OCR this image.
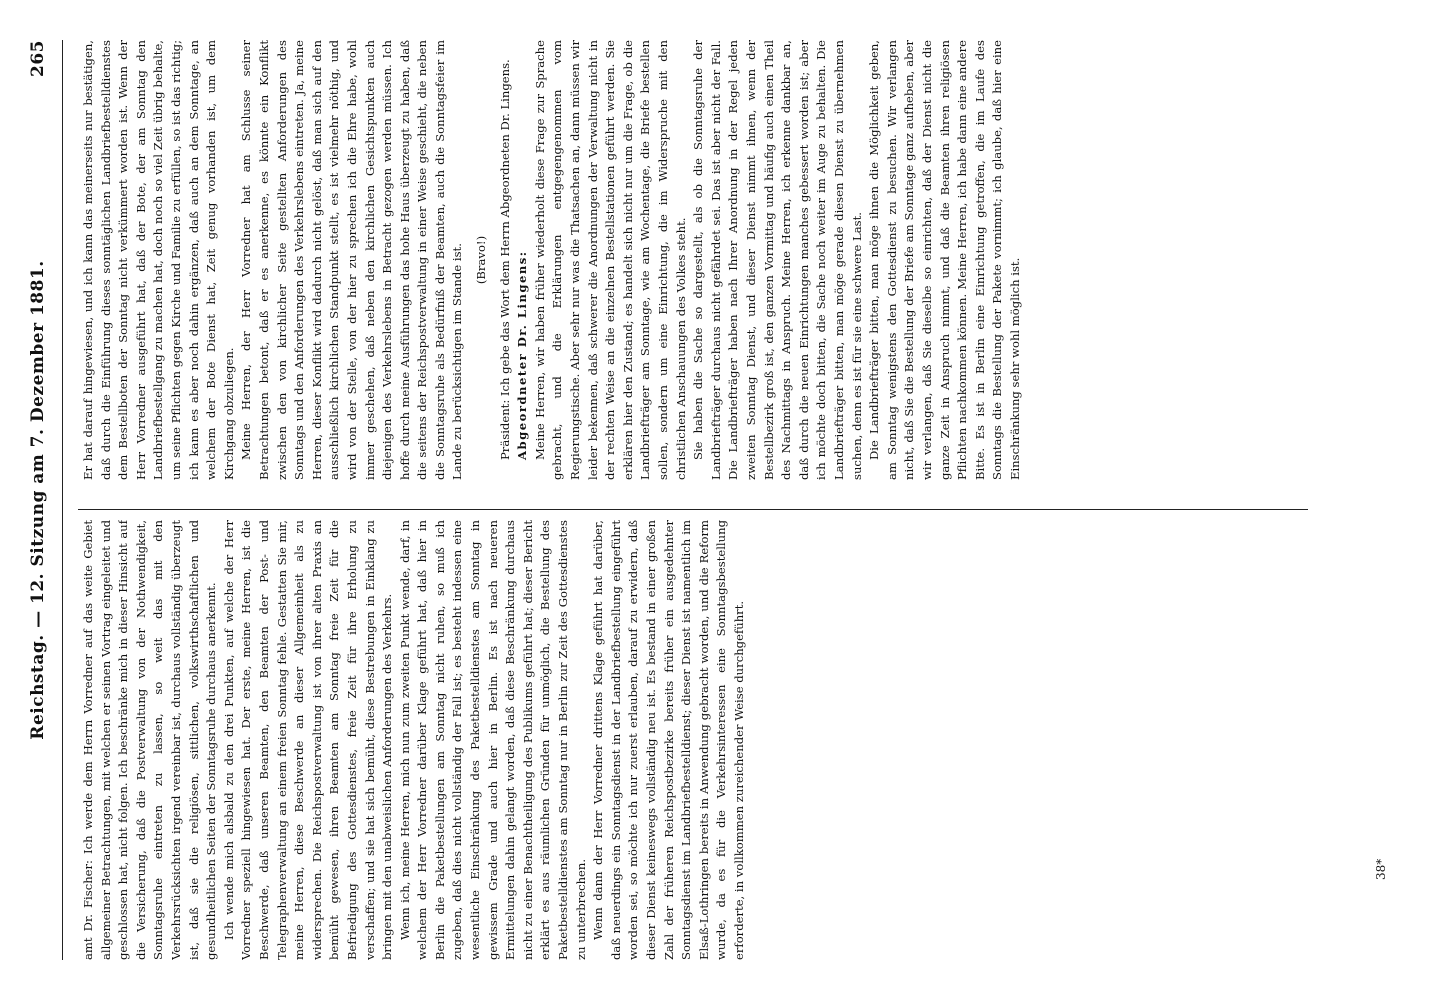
Reichstag. — 12. Sitzung am 7. Dezember 1881.
265

amt Dr. Fischer: Ich werde dem Herrn Vorredner auf das weite Gebiet allgemeiner Betrachtungen, mit welchen er seinen Vortrag eingeleitet und geschlossen hat, nicht folgen. Ich beschränke mich in dieser Hinsicht auf die Versicherung, daß die Postverwaltung von der Nothwendigkeit, Sonntagsruhe eintreten zu lassen, so weit das mit den Verkehrsrücksichten irgend vereinbar ist, durchaus vollständig überzeugt ist, daß sie die religiösen, sittlichen, volkswirthschaftlichen und gesundheitlichen Seiten der Sonntagsruhe durchaus anerkennt. Ich wende mich alsbald zu den drei Punkten, auf welche der Herr Vorredner speziell hingewiesen hat. Der erste, meine Herren, ist die Beschwerde, daß unseren Beamten, den Beamten der Post- und Telegraphenverwaltung an einem freien Sonntag fehle. Gestatten Sie mir, meine Herren, diese Beschwerde an dieser Allgemeinheit als zu widersprechen. Die Reichspostverwaltung ist von ihrer alten Praxis an bemüht gewesen, ihren Beamten am Sonntag freie Zeit für die Befriedigung des Gottesdienstes, freie Zeit für ihre Erholung zu verschaffen; und sie hat sich bemüht, diese Bestrebungen in Einklang zu bringen mit den unabweislichen Anforderungen des Verkehrs. Wenn ich, meine Herren, mich nun zum zweiten Punkt wende, darf, in welchem der Herr Vorredner darüber Klage geführt hat, daß hier in Berlin die Paketbestellungen am Sonntag nicht ruhen, so muß ich zugeben, daß dies nicht vollständig der Fall ist; es besteht indessen eine wesentliche Einschränkung des Paketbestelldienstes am Sonntag in gewissem Grade und auch hier in Berlin. Es ist nach neueren Ermittelungen dahin gelangt worden, daß diese Beschränkung durchaus nicht zu einer Benachtheiligung des Publikums geführt hat; dieser Bericht erklärt es aus räumlichen Gründen für unmöglich, die Bestellung des Paketbestelldienstes am Sonntag nur in Berlin zur Zeit des Gottesdienstes zu unterbrechen. Wenn dann der Herr Vorredner drittens Klage geführt hat darüber, daß neuerdings ein Sonntagsdienst in der Landbriefbestellung eingeführt worden sei, so möchte ich nur zuerst erlauben, darauf zu erwidern, daß dieser Dienst keineswegs vollständig neu ist. Es bestand in einer großen Zahl der früheren Reichspostbezirke bereits früher ein ausgedehnter Sonntagsdienst im Landbriefbestelldienst; dieser Dienst ist namentlich im Elsaß-Lothringen bereits in Anwendung gebracht worden, und die Reform wurde, da es für die Verkehrsinteressen eine Sonntagsbestellung erforderte, in vollkommen zureichender Weise durchgeführt.

Er hat darauf hingewiesen, und ich kann das meinerseits nur bestätigen, daß durch die Einführung dieses sonntäglichen Landbriefbestelldienstes dem Bestellboten der Sonntag nicht verkümmert worden ist. Wenn der Herr Vorredner ausgeführt hat, daß der Bote, der am Sonntag den Landbriefbestellgang zu machen hat, doch noch so viel Zeit übrig behalte, um seine Pflichten gegen Kirche und Familie zu erfüllen, so ist das richtig; ich kann es aber noch dahin ergänzen, daß auch an dem Sonntage, an welchem der Bote Dienst hat, Zeit genug vorhanden ist, um dem Kirchgang obzuliegen. Meine Herren, der Herr Vorredner hat am Schlusse seiner Betrachtungen betont, daß er es anerkenne, es könnte ein Konflikt zwischen den von kirchlicher Seite gestellten Anforderungen des Sonntags und den Anforderungen des Verkehrslebens eintreten. Ja, meine Herren, dieser Konflikt wird dadurch nicht gelöst, daß man sich auf den ausschließlich kirchlichen Standpunkt stellt, es ist vielmehr nöthig, und wird von der Stelle, von der hier zu sprechen ich die Ehre habe, wohl immer geschehen, daß neben den kirchlichen Gesichtspunkten auch diejenigen des Verkehrslebens in Betracht gezogen werden müssen. Ich hoffe durch meine Ausführungen das hohe Haus überzeugt zu haben, daß die seitens der Reichspostverwaltung in einer Weise geschieht, die neben die Sonntagsruhe als Bedürfniß der Beamten, auch die Sonntagsfeier im Lande zu berücksichtigen im Stande ist. (Bravo!) Präsident: Ich gebe das Wort dem Herrn Abgeordneten Dr. Lingens. Abgeordneter Dr. Lingens: Meine Herren, wir haben früher wiederholt diese Frage zur Sprache gebracht, und die Erklärungen entgegengenommen vom Regierungstische. Aber sehr nur was die Thatsachen an, dann müssen wir leider bekennen, daß schwerer die Anordnungen der Verwaltung nicht in der rechten Weise an die einzelnen Bestellstationen geführt werden. Sie erklären hier den Zustand; es handelt sich nicht nur um die Frage, ob die Landbriefträger am Sonntage, wie am Wochentage, die Briefe bestellen sollen, sondern um eine Einrichtung, die im Widerspruche mit den christlichen Anschauungen des Volkes steht. Sie haben die Sache so dargestellt, als ob die Sonntagsruhe der Landbriefträger durchaus nicht gefährdet sei. Das ist aber nicht der Fall. Die Landbriefträger haben nach Ihrer Anordnung in der Regel jeden zweiten Sonntag Dienst, und dieser Dienst nimmt ihnen, wenn der Bestellbezirk groß ist, den ganzen Vormittag und häufig auch einen Theil des Nachmittags in Anspruch. Meine Herren, ich erkenne dankbar an, daß durch die neuen Einrichtungen manches gebessert worden ist; aber ich möchte doch bitten, die Sache noch weiter im Auge zu behalten. Die Landbriefträger bitten, man möge gerade diesen Dienst zu übernehmen suchen, denn es ist für sie eine schwere Last. Die Landbriefträger bitten, man möge ihnen die Möglichkeit geben, am Sonntag wenigstens den Gottesdienst zu besuchen. Wir verlangen nicht, daß Sie die Bestellung der Briefe am Sonntage ganz aufheben, aber wir verlangen, daß Sie dieselbe so einrichten, daß der Dienst nicht die ganze Zeit in Anspruch nimmt, und daß die Beamten ihren religiösen Pflichten nachkommen können. Meine Herren, ich habe dann eine andere Bitte. Es ist in Berlin eine Einrichtung getroffen, die im Laufe des Sonntags die Bestellung der Pakete vornimmt; ich glaube, daß hier eine Einschränkung sehr wohl möglich ist.

38*
